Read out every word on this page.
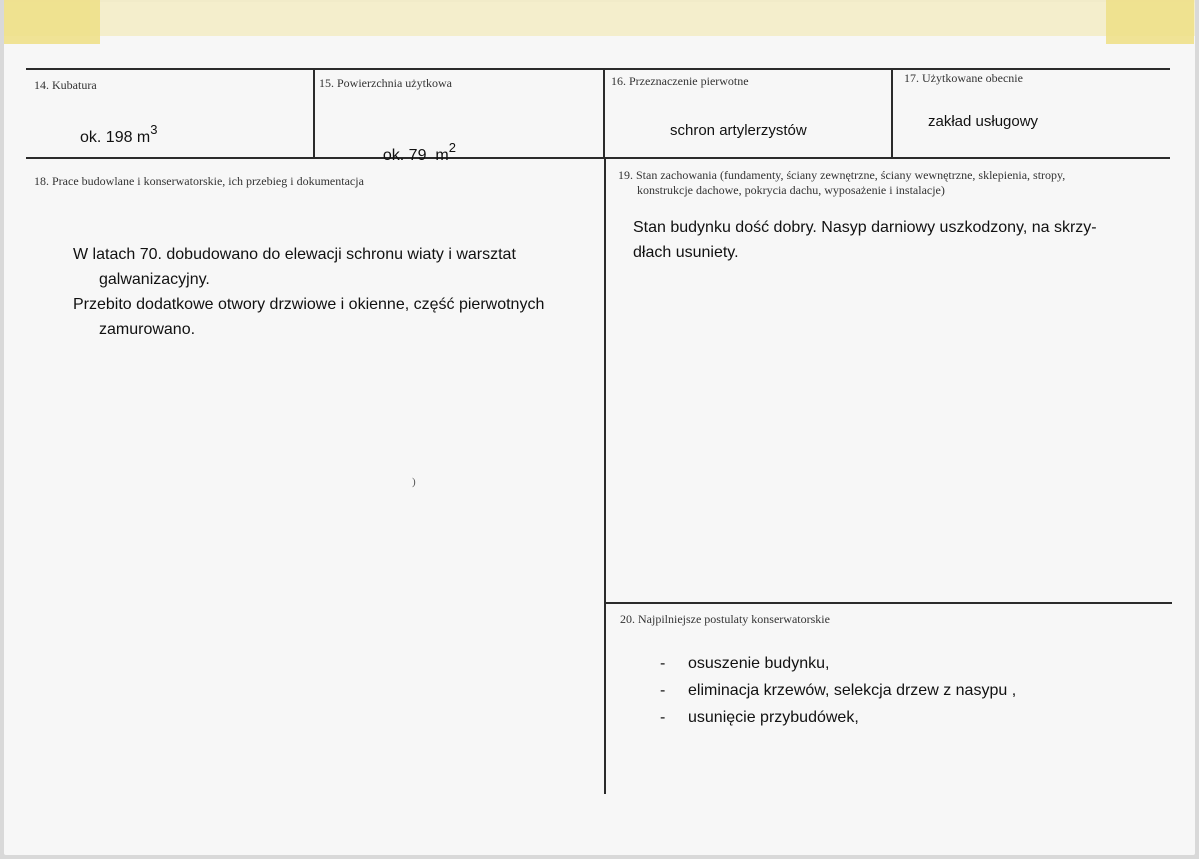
14. Kubatura
ok. 198 $m^3$
15. Powierzchnia użytkowa

ok. 79  $m^2$

16. Przeznaczenie pierwotne
schron artylerzystów
17. Użytkowane obecnie
zakład usługowy
18. Prace budowlane i konserwatorskie, ich przebieg i dokumentacja
W latach 70. dobudowano do elewacji schronu wiaty i warsztat
galwanizacyjny.
Przebito dodatkowe otwory drzwiowe i okienne, część pierwotnych
zamurowano.
)
19. Stan zachowania (fundamenty, ściany zewnętrzne, ściany wewnętrzne, sklepienia, stropy,
konstrukcje dachowe, pokrycia dachu, wyposażenie i instalacje)
Stan budynku dość dobry. Nasyp darniowy uszkodzony, na skrzy-
dłach usuniety.
20. Najpilniejsze postulaty konserwatorskie
-	osuszenie budynku,
-	eliminacja krzewów, selekcja drzew z nasypu ,
-	usunięcie przybudówek,
